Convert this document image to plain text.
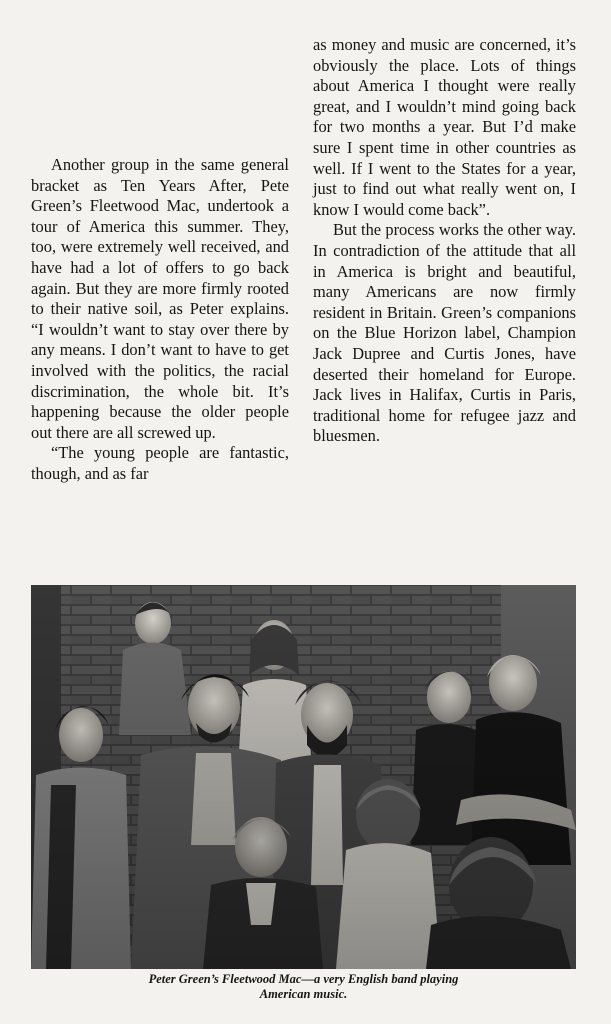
Another group in the same general bracket as Ten Years After, Pete Green’s Fleetwood Mac, undertook a tour of America this summer. They, too, were extremely well received, and have had a lot of offers to go back again. But they are more firmly rooted to their native soil, as Peter explains. “I wouldn’t want to stay over there by any means. I don’t want to have to get involved with the politics, the racial discrimination, the whole bit. It’s happening because the older people out there are all screwed up.

“The young people are fantastic, though, and as far

as money and music are concerned, it’s obviously the place. Lots of things about America I thought were really great, and I wouldn’t mind going back for two months a year. But I’d make sure I spent time in other countries as well. If I went to the States for a year, just to find out what really went on, I know I would come back”.

But the process works the other way. In contradiction of the attitude that all in America is bright and beautiful, many Americans are now firmly resident in Britain. Green’s companions on the Blue Horizon label, Champion Jack Dupree and Curtis Jones, have deserted their homeland for Europe. Jack lives in Halifax, Curtis in Paris, traditional home for refugee jazz and bluesmen.

Peter Green’s Fleetwood Mac—a very English band playing
American music.
